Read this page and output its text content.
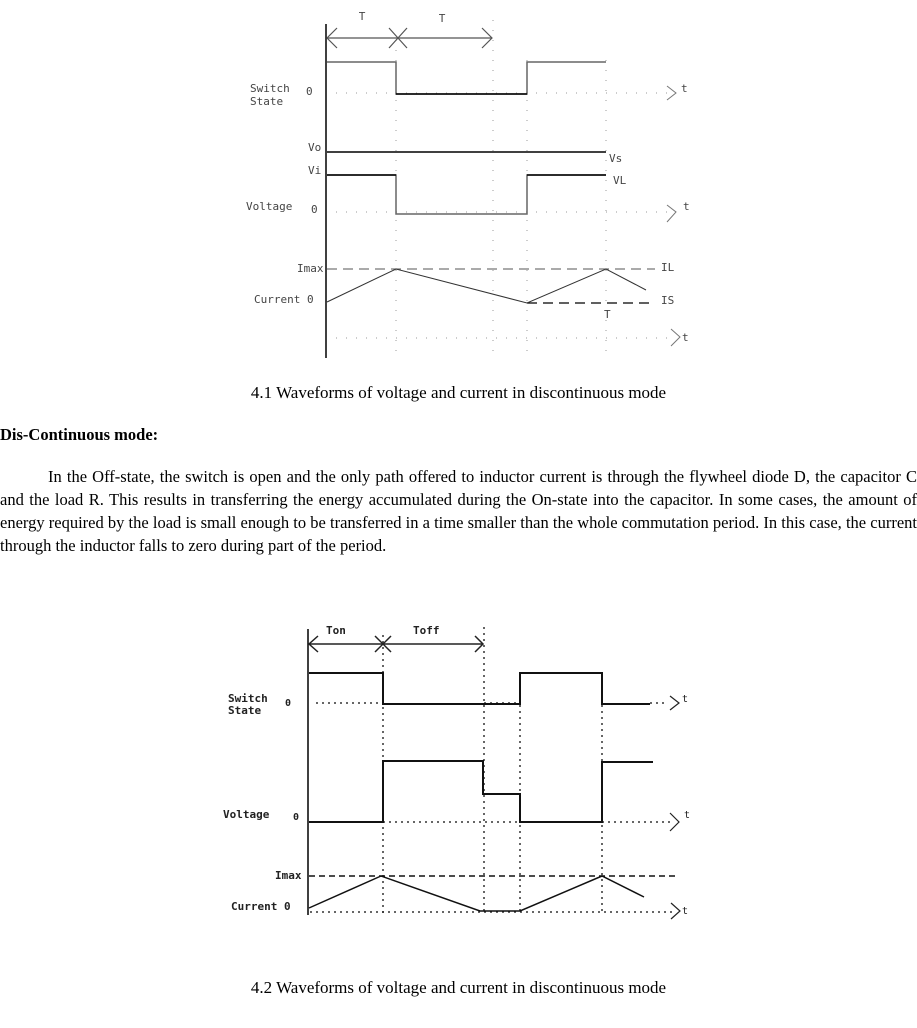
T	T
Switch
State
0	t
Vo
Vi
Vs
VL
Voltage 0	t
Imax
Current 0
IL
IS
T
t
4.1 Waveforms of voltage and current in discontinuous mode
Dis-Continuous mode:

In the Off-state, the switch is open and the only path offered to inductor current is through the flywheel diode D, the capacitor C and the load R. This results in transferring the energy accumulated during the On-state into the capacitor. In some cases, the amount of energy required by the load is small enough to be transferred in a time smaller than the whole commutation period. In this case, the current through the inductor falls to zero during part of the period.

Ton	Toff
Switch
State
0	t
Voltage 0	t
Imax
Current 0	t
4.2 Waveforms of voltage and current in discontinuous mode
